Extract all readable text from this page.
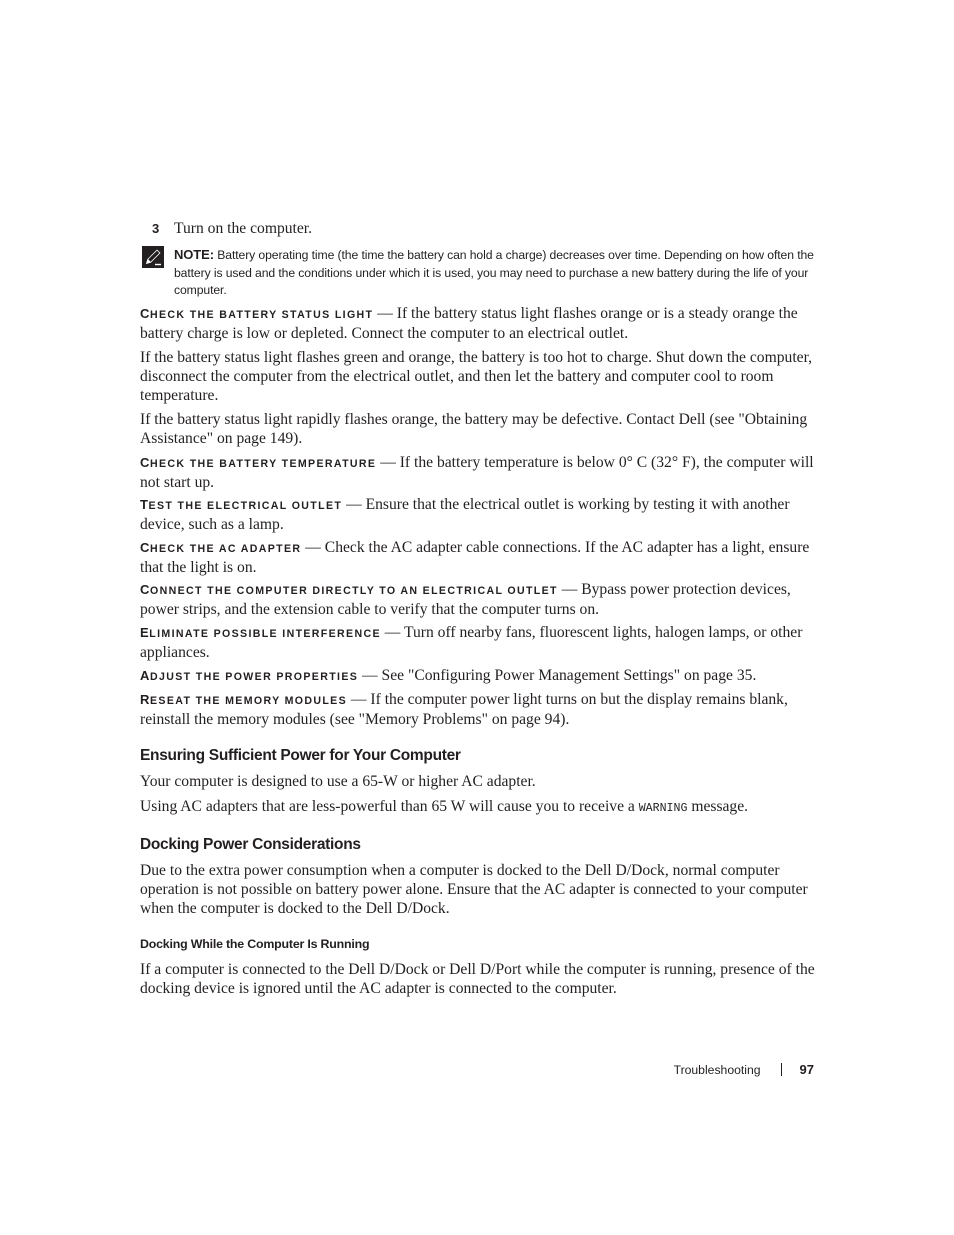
3 Turn on the computer.
NOTE: Battery operating time (the time the battery can hold a charge) decreases over time. Depending on how often the battery is used and the conditions under which it is used, you may need to purchase a new battery during the life of your computer.

CHECK THE BATTERY STATUS LIGHT — If the battery status light flashes orange or is a steady orange the battery charge is low or depleted. Connect the computer to an electrical outlet.

If the battery status light flashes green and orange, the battery is too hot to charge. Shut down the computer, disconnect the computer from the electrical outlet, and then let the battery and computer cool to room temperature.

If the battery status light rapidly flashes orange, the battery may be defective. Contact Dell (see "Obtaining Assistance" on page 149).

CHECK THE BATTERY TEMPERATURE — If the battery temperature is below 0° C (32° F), the computer will not start up.

TEST THE ELECTRICAL OUTLET — Ensure that the electrical outlet is working by testing it with another device, such as a lamp.

CHECK THE AC ADAPTER — Check the AC adapter cable connections. If the AC adapter has a light, ensure that the light is on.

CONNECT THE COMPUTER DIRECTLY TO AN ELECTRICAL OUTLET — Bypass power protection devices, power strips, and the extension cable to verify that the computer turns on.

ELIMINATE POSSIBLE INTERFERENCE — Turn off nearby fans, fluorescent lights, halogen lamps, or other appliances.

ADJUST THE POWER PROPERTIES — See "Configuring Power Management Settings" on page 35.

RESEAT THE MEMORY MODULES — If the computer power light turns on but the display remains blank, reinstall the memory modules (see "Memory Problems" on page 94).

Ensuring Sufficient Power for Your Computer

Your computer is designed to use a 65-W or higher AC adapter.

Using AC adapters that are less-powerful than 65 W will cause you to receive a WARNING message.

Docking Power Considerations

Due to the extra power consumption when a computer is docked to the Dell D/Dock, normal computer operation is not possible on battery power alone. Ensure that the AC adapter is connected to your computer when the computer is docked to the Dell D/Dock.

Docking While the Computer Is Running

If a computer is connected to the Dell D/Dock or Dell D/Port while the computer is running, presence of the docking device is ignored until the AC adapter is connected to the computer.

Troubleshooting	97
